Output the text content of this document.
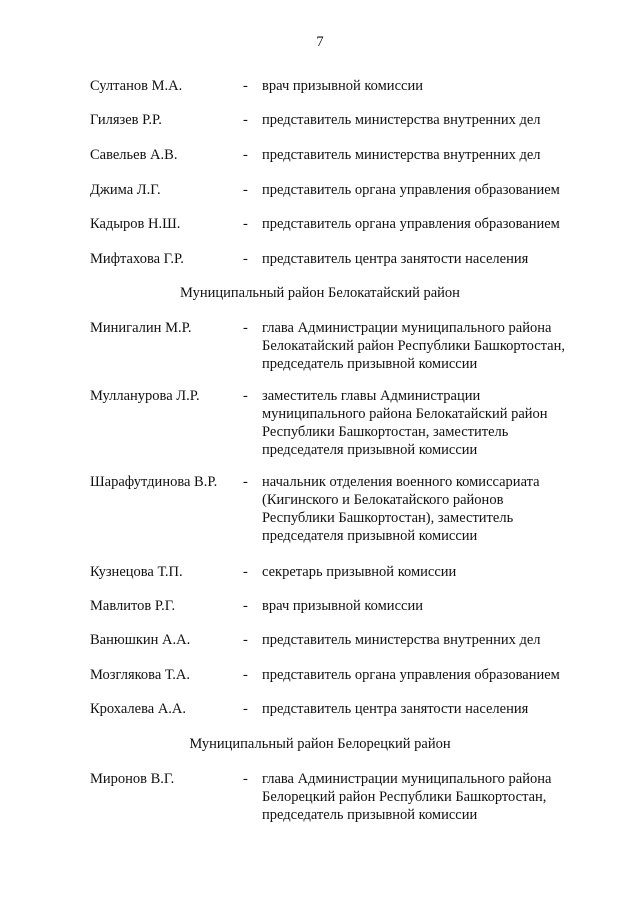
7
Султанов М.А.	- врач призывной комиссии
Гилязев Р.Р.	- представитель министерства внутренних дел
Савельев А.В.	- представитель министерства внутренних дел
Джима Л.Г.	- представитель органа управления образованием
Кадыров Н.Ш.	- представитель органа управления образованием
Мифтахова Г.Р.	- представитель центра занятости населения
Муниципальный район Белокатайский район
Минигалин М.Р.	- глава Администрации муниципального района
Белокатайский район Республики Башкортостан,
председатель призывной комиссии
Мулланурова Л.Р.	- заместитель главы Администрации
муниципального района Белокатайский район
Республики Башкортостан, заместитель
председателя призывной комиссии
Шарафутдинова В.Р. - начальник отделения военного комиссариата
(Кигинского и Белокатайского районов
Республики Башкортостан), заместитель
председателя призывной комиссии
Кузнецова Т.П.	- секретарь призывной комиссии
Мавлитов Р.Г.	- врач призывной комиссии
Ванюшкин А.А.	- представитель министерства внутренних дел
Мозглякова Т.А.	- представитель органа управления образованием
Крохалева А.А.	- представитель центра занятости населения
Муниципальный район Белорецкий район
Миронов В.Г.	- глава Администрации муниципального района
Белорецкий район Республики Башкортостан,
председатель призывной комиссии
